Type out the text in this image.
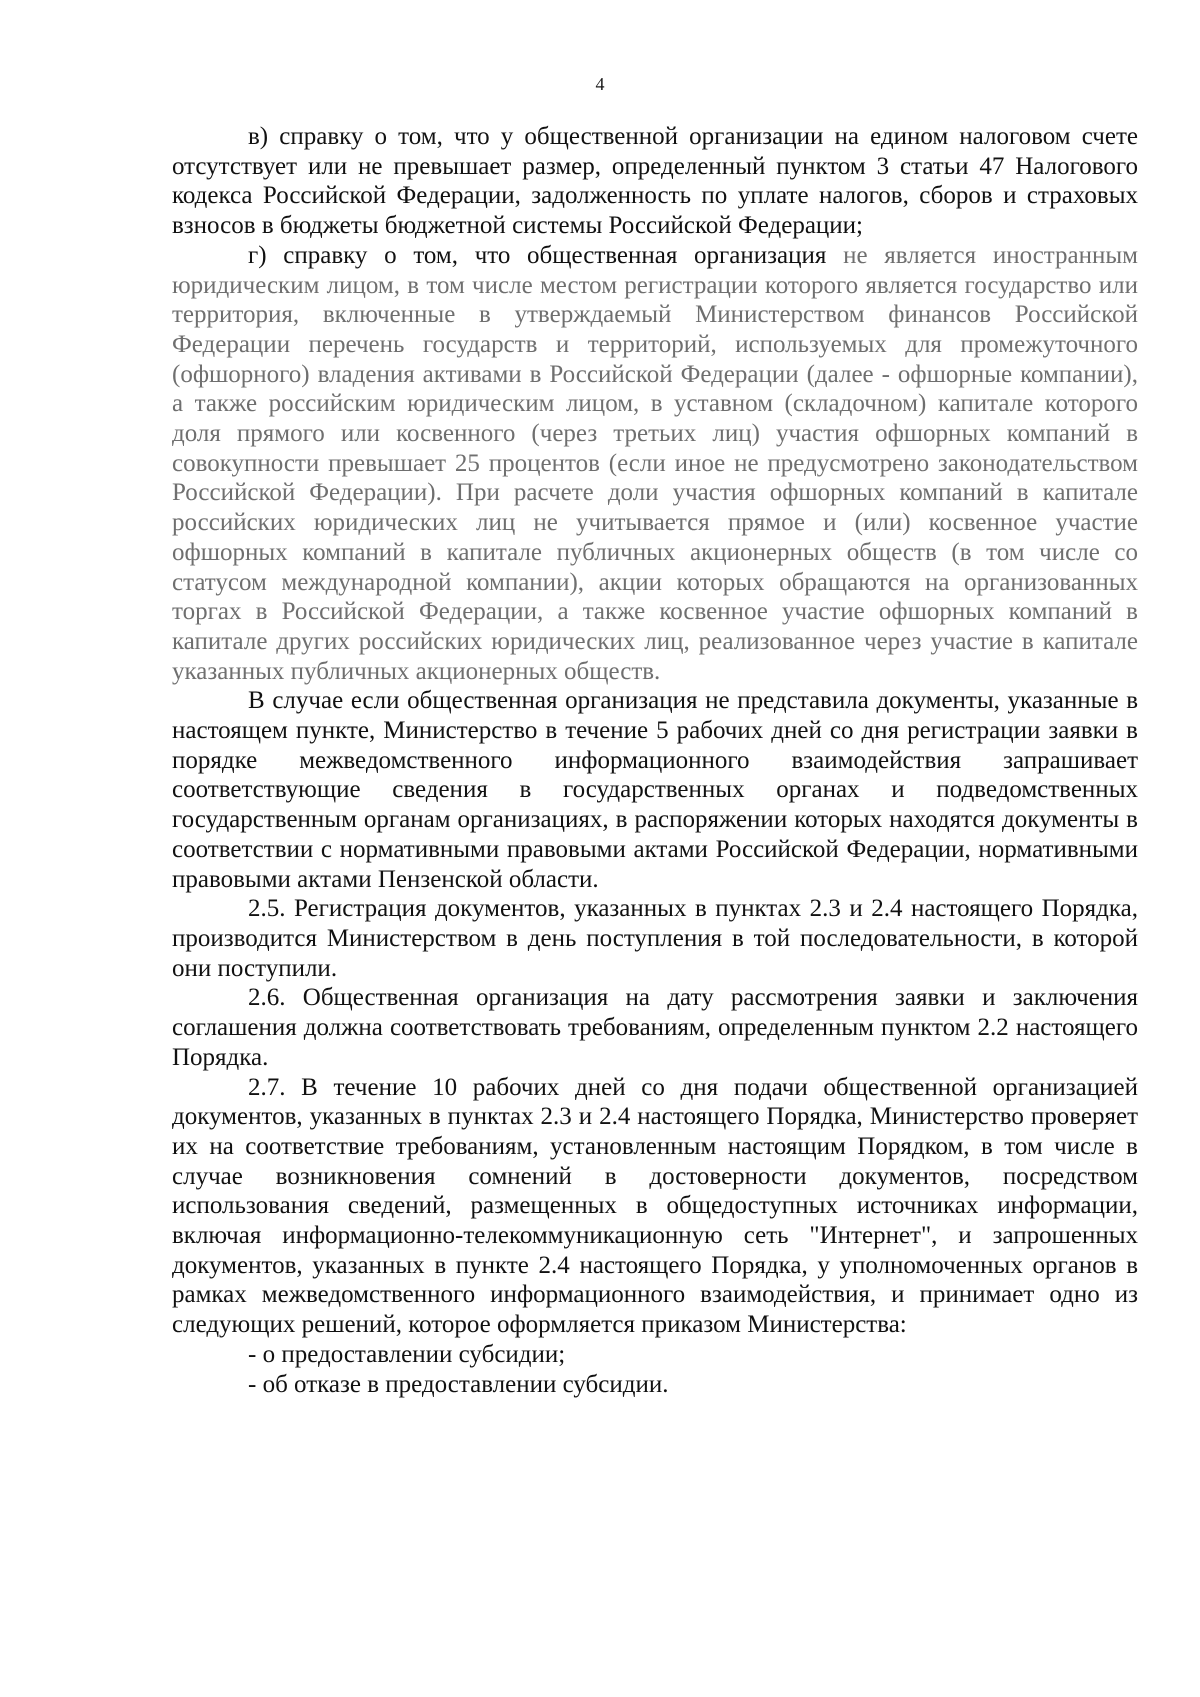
4

в) справку о том, что у общественной организации на едином налоговом счете отсутствует или не превышает размер, определенный пунктом 3 статьи 47 Налогового кодекса Российской Федерации, задолженность по уплате налогов, сборов и страховых взносов в бюджеты бюджетной системы Российской Федерации;

г) справку о том, что общественная организация не является иностранным юридическим лицом, в том числе местом регистрации которого является государство или территория, включенные в утверждаемый Министерством финансов Российской Федерации перечень государств и территорий, используемых для промежуточного (офшорного) владения активами в Российской Федерации (далее - офшорные компании), а также российским юридическим лицом, в уставном (складочном) капитале которого доля прямого или косвенного (через третьих лиц) участия офшорных компаний в совокупности превышает 25 процентов (если иное не предусмотрено законодательством Российской Федерации). При расчете доли участия офшорных компаний в капитале российских юридических лиц не учитывается прямое и (или) косвенное участие офшорных компаний в капитале публичных акционерных обществ (в том числе со статусом международной компании), акции которых обращаются на организованных торгах в Российской Федерации, а также косвенное участие офшорных компаний в капитале других российских юридических лиц, реализованное через участие в капитале указанных публичных акционерных обществ.

В случае если общественная организация не представила документы, указанные в настоящем пункте, Министерство в течение 5 рабочих дней со дня регистрации заявки в порядке межведомственного информационного взаимодействия запрашивает соответствующие сведения в государственных органах и подведомственных государственным органам организациях, в распоряжении которых находятся документы в соответствии с нормативными правовыми актами Российской Федерации, нормативными правовыми актами Пензенской области.

2.5. Регистрация документов, указанных в пунктах 2.3 и 2.4 настоящего Порядка, производится Министерством в день поступления в той последовательности, в которой они поступили.

2.6. Общественная организация на дату рассмотрения заявки и заключения соглашения должна соответствовать требованиям, определенным пунктом 2.2 настоящего Порядка.

2.7. В течение 10 рабочих дней со дня подачи общественной организацией документов, указанных в пунктах 2.3 и 2.4 настоящего Порядка, Министерство проверяет их на соответствие требованиям, установленным настоящим Порядком, в том числе в случае возникновения сомнений в достоверности документов, посредством использования сведений, размещенных в общедоступных источниках информации, включая информационно-телекоммуникационную сеть "Интернет", и запрошенных документов, указанных в пункте 2.4 настоящего Порядка, у уполномоченных органов в рамках межведомственного информационного взаимодействия, и принимает одно из следующих решений, которое оформляется приказом Министерства:

- о предоставлении субсидии;

- об отказе в предоставлении субсидии.
